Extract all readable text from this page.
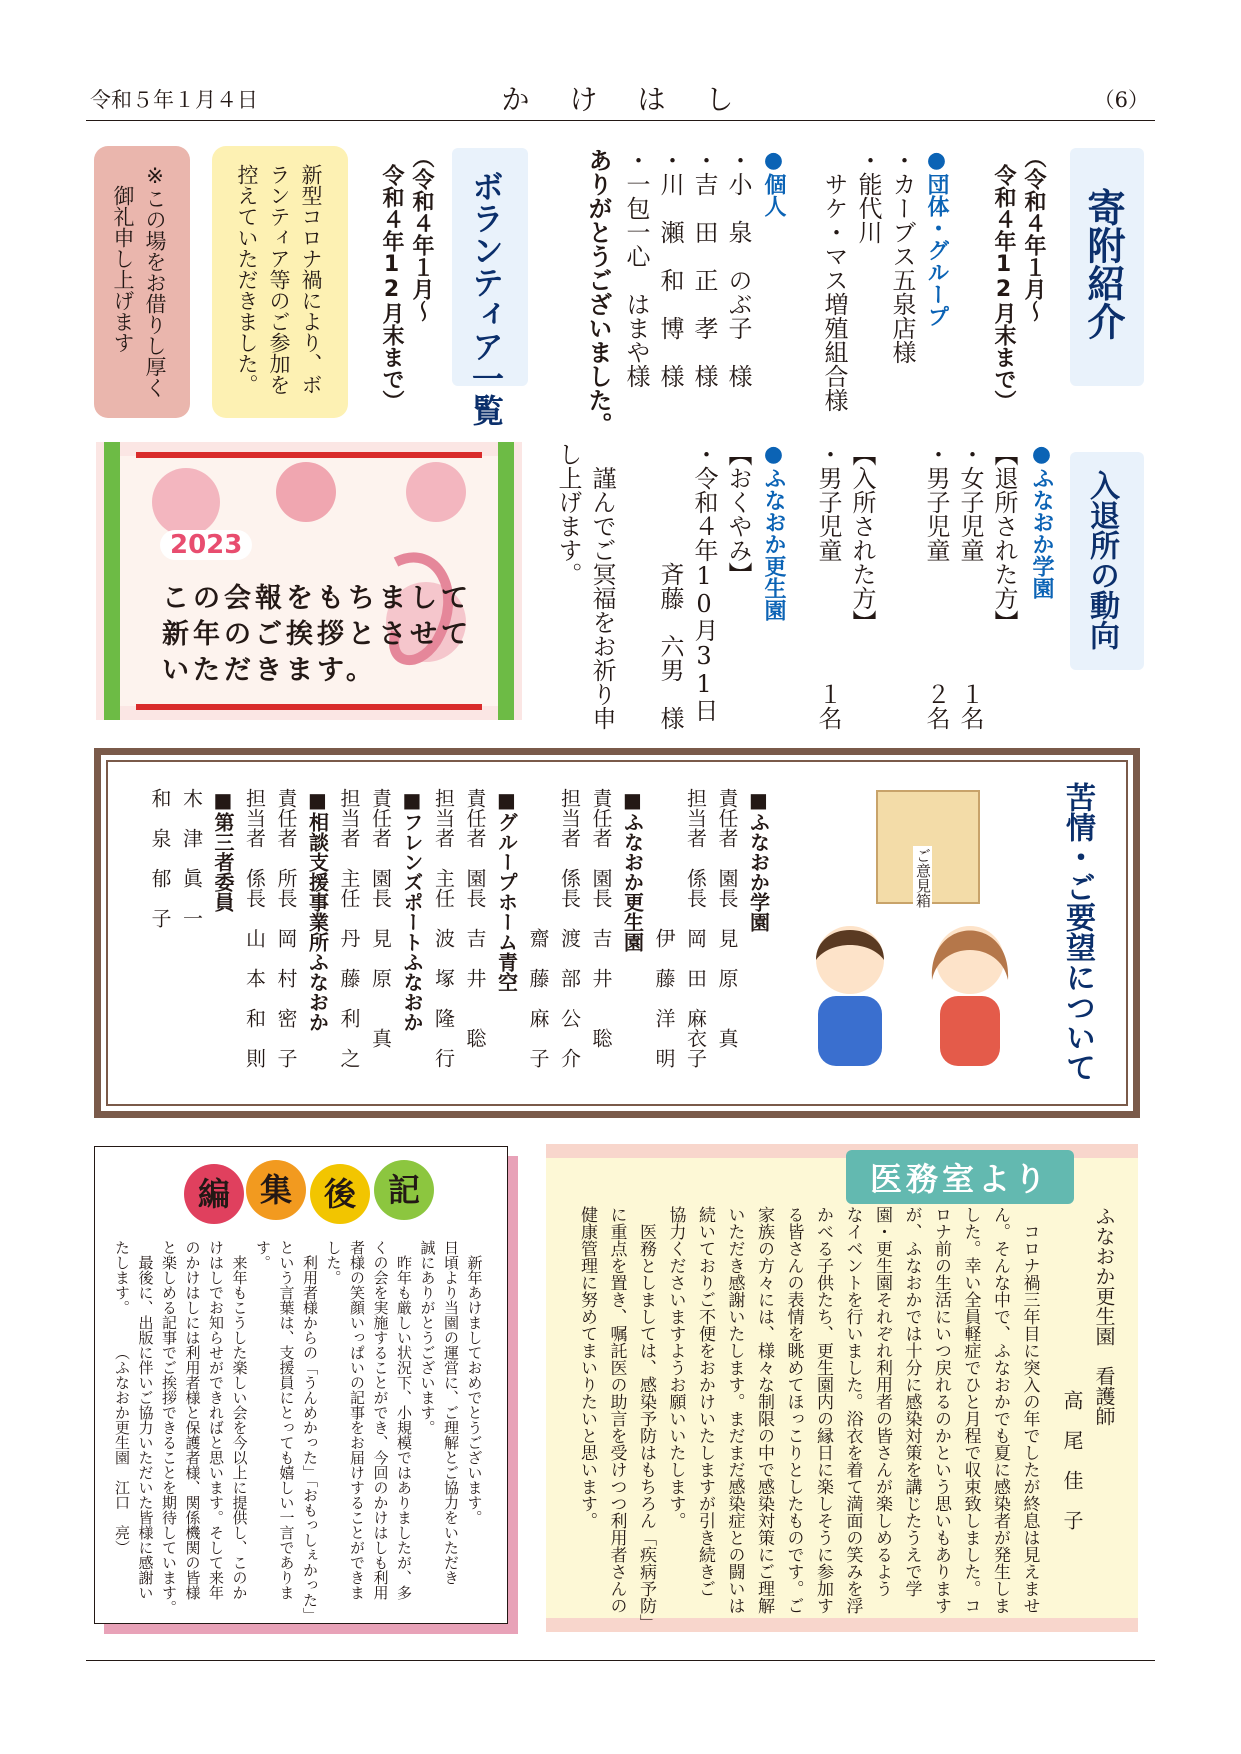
令和５年１月４日	か　け　は　し	（6）
寄附紹介
（令和４年１月～
令和４年12月末まで）
●団体・グループ
・カーブス五泉店様
・能代川
　サケ・マス増殖組合様
●個人
・小　泉　のぶ子　様
・吉　田　正　孝　様
・川　瀬　和　博　様
・一包一心　はまや様
ありがとうございました。
ボランティア一覧
（令和４年１月～
令和４年12月末まで）
新型コロナ禍により、ボ
ランティア等のご参加を
控えていただきました。
※この場をお借りし厚く
　御礼申し上げます
入退所の動向
●ふなおか学園
【退所された方】
・女子児童　　　　　１名
・男子児童　　　　　２名
【入所された方】
・男子児童　　　　　１名
●ふなおか更生園
【おくやみ】
・令和４年10月31日
　　　　　斉藤　六男　様
謹んでご冥福をお祈り申
し上げます。
2023
この会報をもちまして
新年のご挨拶とさせて
いただきます。
苦情・ご要望について
ご意見箱
■ふなおか学園
責任者　園長　見　原　　真
担当者　係長　岡　田　麻衣子
　　　　　　　伊　藤　洋　明
■ふなおか更生園
責任者　園長　吉　井　　聡
担当者　係長　渡　部　公　介
　　　　　　　齋　藤　麻　子
■グループホーム青空
責任者　園長　吉　井　　聡
担当者　主任　波　塚　隆　行
■フレンズポートふなおか
責任者　園長　見　原　　真
担当者　主任　丹　藤　利　之
■相談支援事業所ふなおか
責任者　所長　岡　村　密　子
担当者　係長　山　本　和　則
■第三者委員
木　津　眞　一
和　泉　郁　子
編 集 後 記
　新年あけましておめでとうございます。
日頃より当園の運営に、ご理解とご協力をいただき
誠にありがとうございます。
　昨年も厳しい状況下、小規模ではありましたが、多
くの会を実施することができ、今回のかけはしも利用
者様の笑顔いっぱいの記事をお届けすることができま
した。
　利用者様からの「うんめかった」「おもっしぇかった」
という言葉は、支援員にとっても嬉しい一言でありま
す。
　来年もこうした楽しい会を今以上に提供し、このか
けはしでお知らせができればと思います。そして来年
のかけはしには利用者様と保護者様、関係機関の皆様
と楽しめる記事でご挨拶できることを期待しています。
　最後に、出版に伴いご協力いただいた皆様に感謝い
たします。　　　（ふなおか更生園　江口　亮）
医務室より
ふなおか更生園　看護師
高　尾　佳　子
　コロナ禍三年目に突入の年でしたが終息は見えませ
ん。そんな中で、ふなおかでも夏に感染者が発生しま
した。幸い全員軽症でひと月程で収束致しました。コ
ロナ前の生活にいつ戻れるのかという思いもあります
が、ふなおかでは十分に感染対策を講じたうえで学
園・更生園それぞれ利用者の皆さんが楽しめるよう
なイベントを行いました。浴衣を着て満面の笑みを浮
かべる子供たち、更生園内の縁日に楽しそうに参加す
る皆さんの表情を眺めてほっこりとしたものです。ご
家族の方々には、様々な制限の中で感染対策にご理解
いただき感謝いたします。まだまだ感染症との闘いは
続いておりご不便をおかけいたしますが引き続きご
協力くださいますようお願いいたします。
　医務としましては、感染予防はもちろん「疾病予防」
に重点を置き、嘱託医の助言を受けつつ利用者さんの
健康管理に努めてまいりたいと思います。
